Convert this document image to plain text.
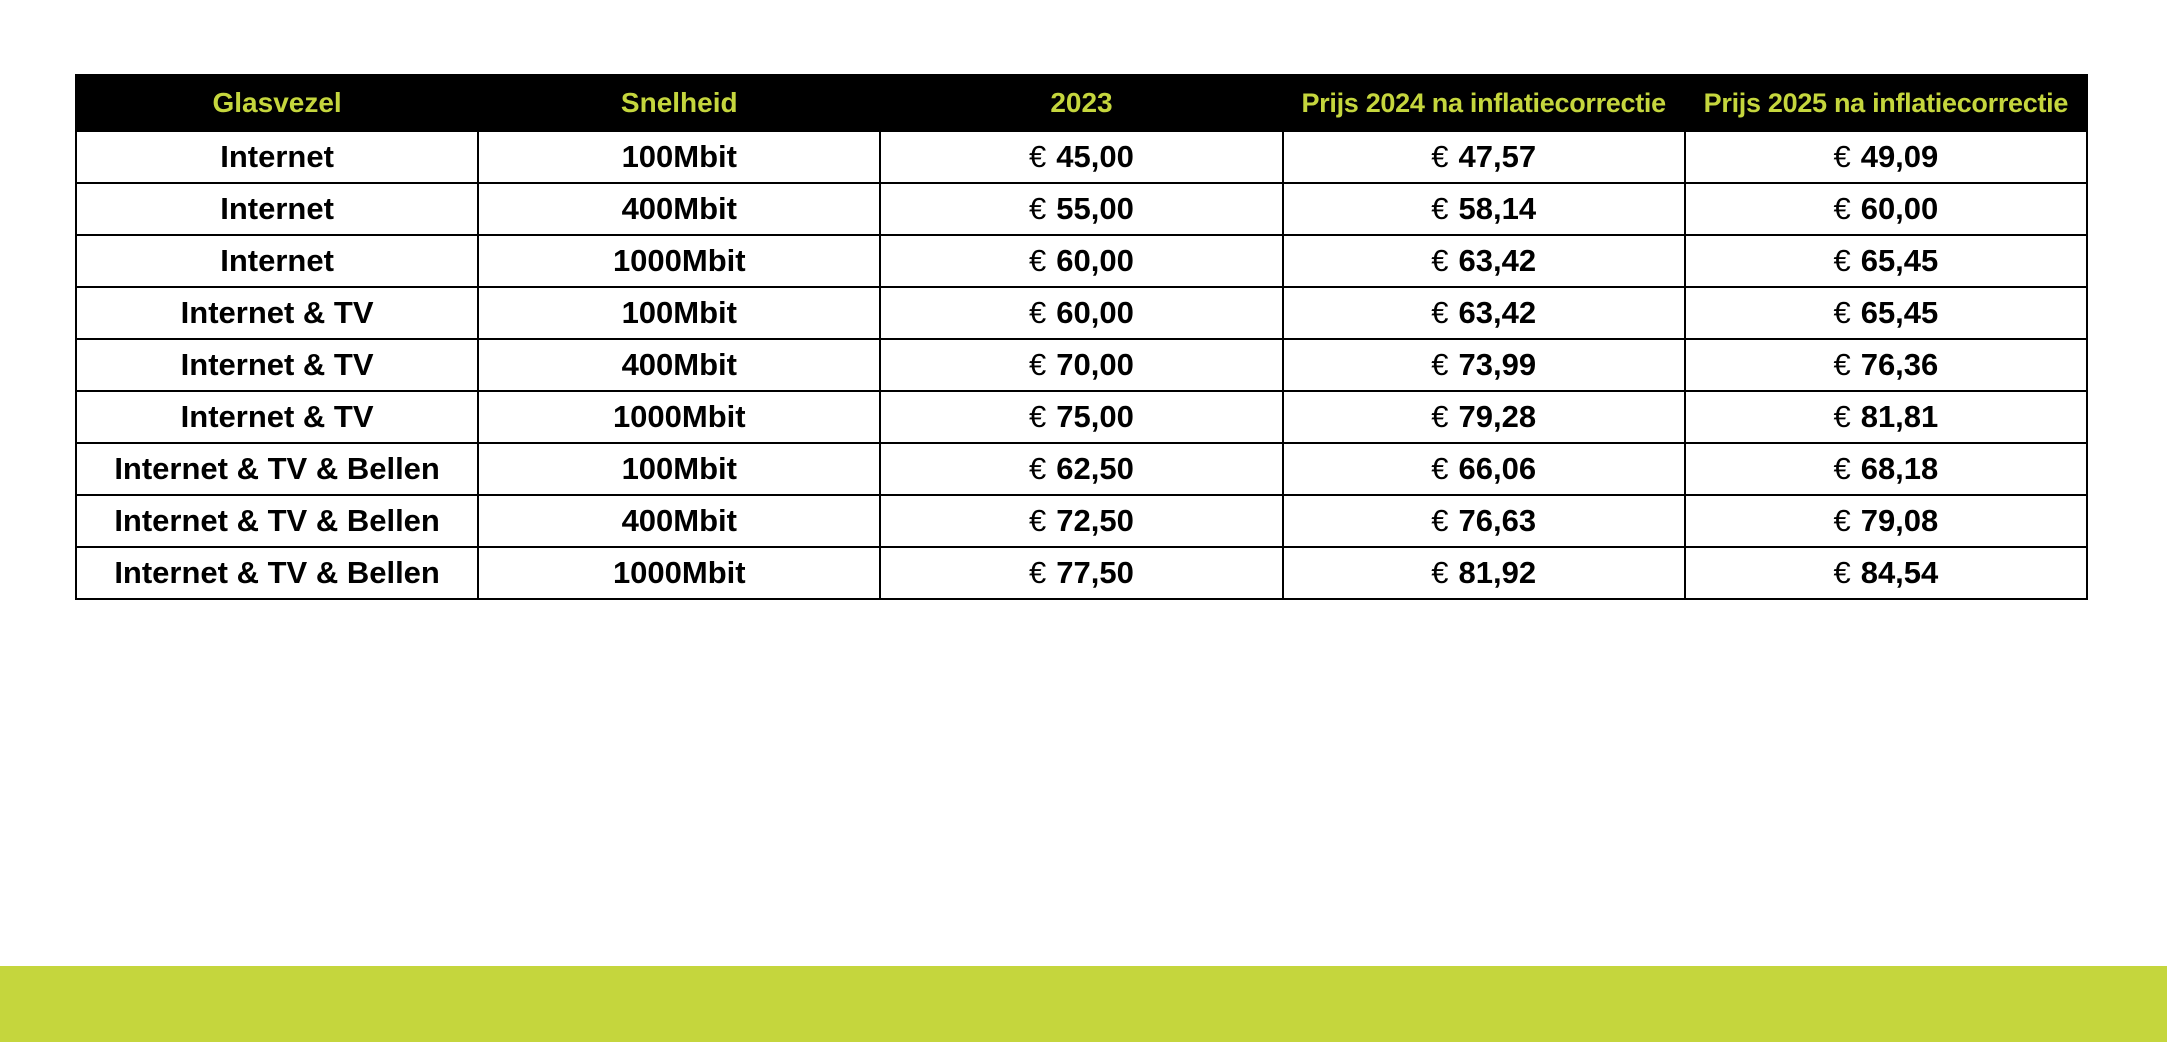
Glasvezel	Snelheid	2023	Prijs 2024 na inflatiecorrectie	Prijs 2025 na inflatiecorrectie
Internet	100Mbit	€ 45,00	€ 47,57	€ 49,09
Internet	400Mbit	€ 55,00	€ 58,14	€ 60,00
Internet	1000Mbit	€ 60,00	€ 63,42	€ 65,45
Internet & TV	100Mbit	€ 60,00	€ 63,42	€ 65,45
Internet & TV	400Mbit	€ 70,00	€ 73,99	€ 76,36
Internet & TV	1000Mbit	€ 75,00	€ 79,28	€ 81,81
Internet & TV & Bellen	100Mbit	€ 62,50	€ 66,06	€ 68,18
Internet & TV & Bellen	400Mbit	€ 72,50	€ 76,63	€ 79,08
Internet & TV & Bellen	1000Mbit	€ 77,50	€ 81,92	€ 84,54
